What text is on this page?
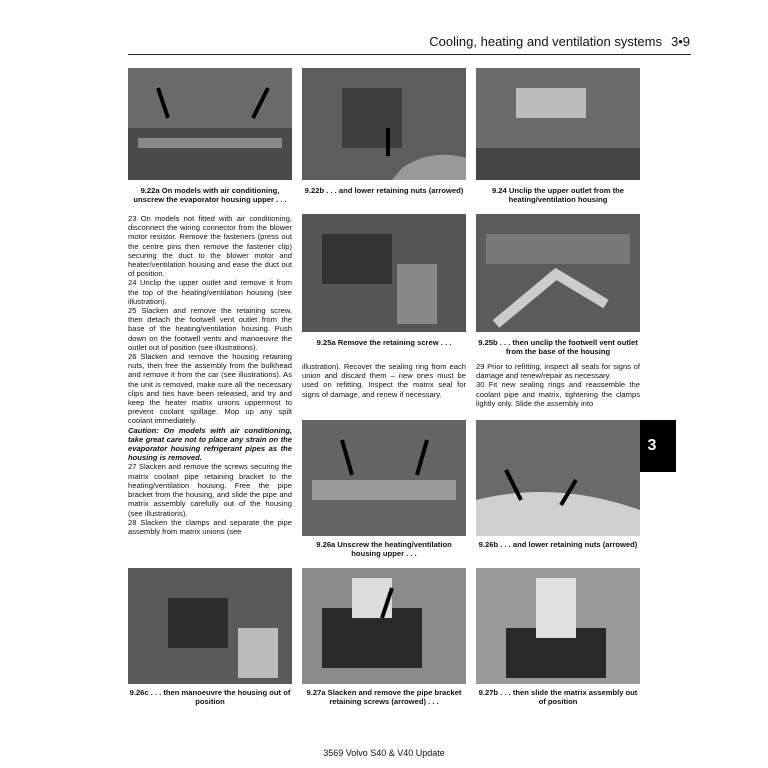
Cooling, heating and ventilation systems 3•9
9.22a On models with air conditioning, unscrew the evaporator housing upper . . .
9.22b . . . and lower retaining nuts (arrowed)	9.24 Unclip the upper outlet from the heating/ventilation housing

23 On models not fitted with air conditioning, disconnect the wiring connector from the blower motor resistor. Remove the fasteners (press out the centre pins then remove the fastener clip) securing the duct to the blower motor and heater/ventilation housing and ease the duct out of position.

24 Unclip the upper outlet and remove it from the top of the heating/ventilation housing (see illustration).

25 Slacken and remove the retaining screw, then detach the footwell vent outlet from the base of the heating/ventilation housing. Push down on the footwell vents and manoeuvre the outlet out of position (see illustrations).

26 Slacken and remove the housing retaining nuts, then free the assembly from the bulkhead and remove it from the car (see illustrations). As the unit is removed, make sure all the necessary clips and ties have been released, and try and keep the heater matrix unions uppermost to prevent coolant spillage. Mop up any spilt coolant immediately.

Caution: On models with air conditioning, take great care not to place any strain on the evaporator housing refrigerant pipes as the housing is removed.

27 Slacken and remove the screws securing the matrix coolant pipe retaining bracket to the heating/ventilation housing. Free the pipe bracket from the housing, and slide the pipe and matrix assembly carefully out of the housing (see illustrations).

28 Slacken the clamps and separate the pipe assembly from matrix unions (see

9.25a Remove the retaining screw . . .	9.25b . . . then unclip the footwell vent outlet from the base of the housing

illustration). Recover the sealing ring from each union and discard them – new ones must be used on refitting. Inspect the matrix seal for signs of damage, and renew if necessary.

29 Prior to refitting, inspect all seals for signs of damage and renew/repair as necessary.

30 Fit new sealing rings and reassemble the coolant pipe and matrix, tightening the clamps lightly only. Slide the assembly into

3
9.26a Unscrew the heating/ventilation housing upper . . .
9.26b . . . and lower retaining nuts (arrowed)
9.26c . . . then manoeuvre the housing out of position
9.27a Slacken and remove the pipe bracket retaining screws (arrowed) . . .
9.27b . . . then slide the matrix assembly out of position
3569 Volvo S40 & V40 Update
